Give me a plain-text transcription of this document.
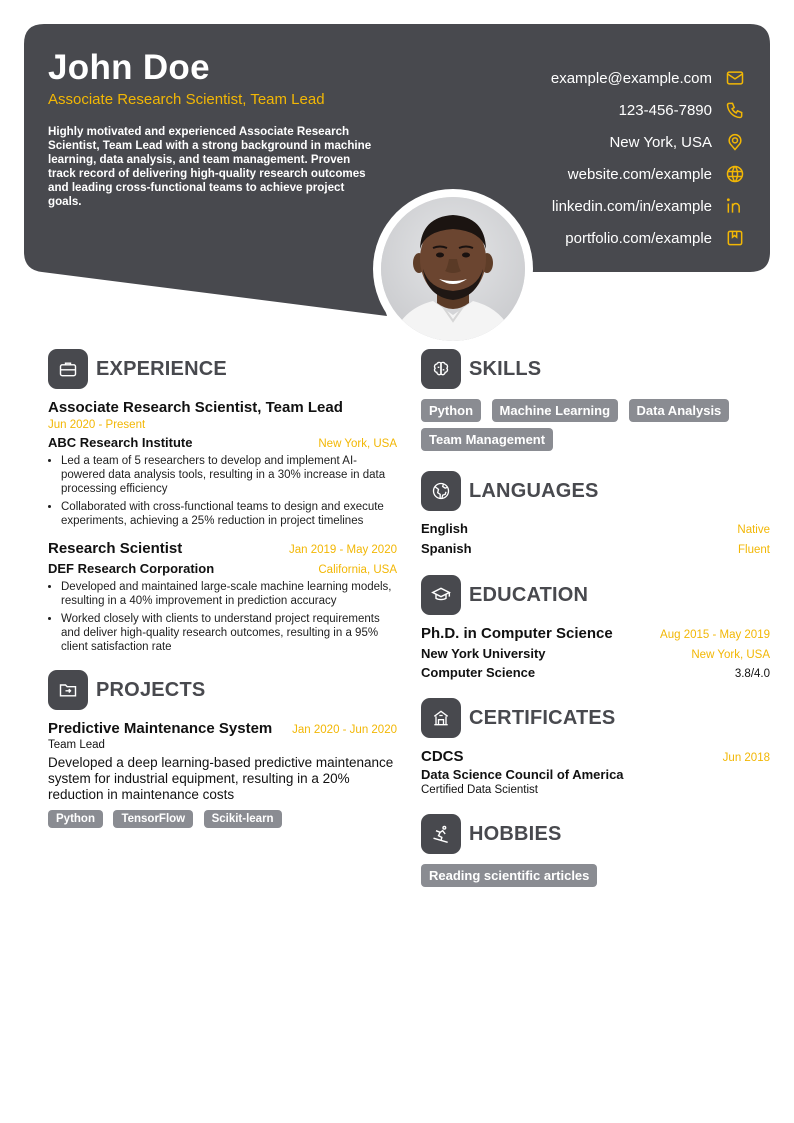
John Doe
Associate Research Scientist, Team Lead
Highly motivated and experienced Associate Research Scientist, Team Lead with a strong background in machine learning, data analysis, and team management. Proven track record of delivering high-quality research outcomes and leading cross-functional teams to achieve project goals.
example@example.com
123-456-7890
New York, USA
website.com/example
linkedin.com/in/example
portfolio.com/example
EXPERIENCE
Associate Research Scientist, Team Lead
Jun 2020 - Present
ABC Research Institute	New York, USA
• Led a team of 5 researchers to develop and implement AI-powered data analysis tools, resulting in a 30% increase in data processing efficiency
• Collaborated with cross-functional teams to design and execute experiments, achieving a 25% reduction in project timelines
Research Scientist	Jan 2019 - May 2020
DEF Research Corporation	California, USA
• Developed and maintained large-scale machine learning models, resulting in a 40% improvement in prediction accuracy
• Worked closely with clients to understand project requirements and deliver high-quality research outcomes, resulting in a 95% client satisfaction rate
PROJECTS
Predictive Maintenance System Jan 2020 - Jun 2020
Team Lead
Developed a deep learning-based predictive maintenance system for industrial equipment, resulting in a 20% reduction in maintenance costs
Python TensorFlow Scikit-learn
SKILLS
Python Machine Learning Data Analysis Team Management
LANGUAGES
English	Native
Spanish	Fluent
EDUCATION
Ph.D. in Computer Science	Aug 2015 - May 2019
New York University	New York, USA
Computer Science	3.8/4.0
CERTIFICATES
CDCS	Jun 2018
Data Science Council of America
Certified Data Scientist
HOBBIES
Reading scientific articles
